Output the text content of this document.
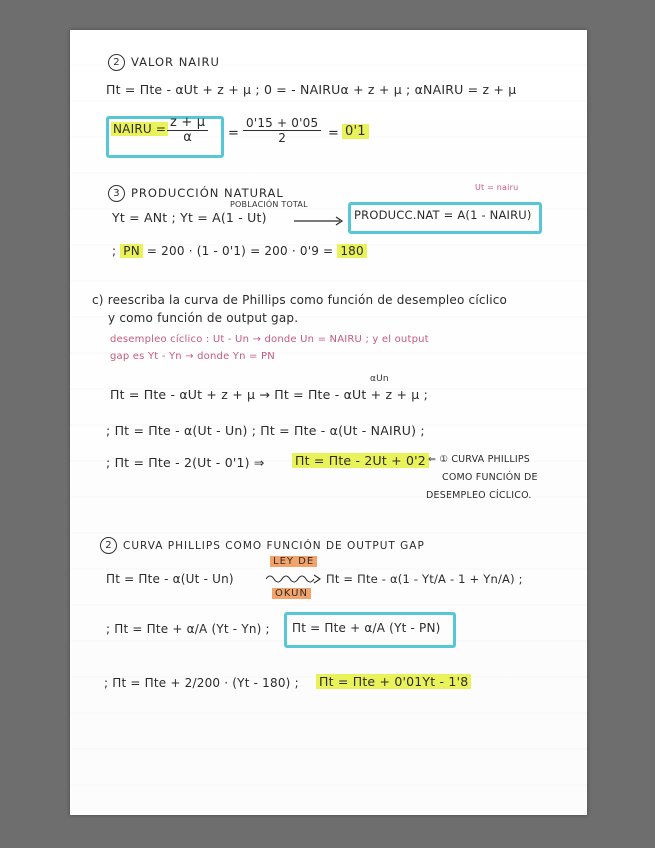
2 VALOR NAIRU
Πt = Πte - αUt + z + μ ; 0 = - NAIRUα + z + μ ; αNAIRU = z + μ
NAIRU = $\frac{z + \mu}{\alpha} = \frac{0'15 + 0'05}{2} = 0'1$
3 PRODUCCIÓN NATURAL
POBLACIÓN TOTAL
Ut = nairu
Yt = ANt ; Yt = A(1 - Ut)	PRODUCC.NAT = A(1 - NAIRU)
; PN = 200 · (1 - 0'1) = 200 · 0'9 = 180
c) reescriba la curva de Phillips como función de desempleo cíclico
y como función de output gap.
desempleo cíclico : Ut - Un → donde Un = NAIRU ; y el output
gap es Yt - Yn → donde Yn = PN
αUn
Πt = Πte - αUt + z + μ → Πt = Πte - αUt + z + μ ;
; Πt = Πte - α(Ut - Un) ; Πt = Πte - α(Ut - NAIRU) ;
; Πt = Πte - 2(Ut - 0'1) ⇒ Πt = Πte - 2Ut + 0'2 ⇐ ① CURVA PHILLIPS
COMO FUNCIÓN DE
DESEMPLEO CÍCLICO.
2 CURVA PHILLIPS COMO FUNCIÓN DE OUTPUT GAP
LEY DE
OKUN
Πt = Πte - α(Ut - Un)	Πt = Πte - α(1 - Yt/A - 1 + Yn/A) ;
; Πt = Πte + α/A (Yt - Yn) ; Πt = Πte + α/A (Yt - PN)
; Πt = Πte + 2/200 · (Yt - 180) ; Πt = Πte + 0'01Yt - 1'8
